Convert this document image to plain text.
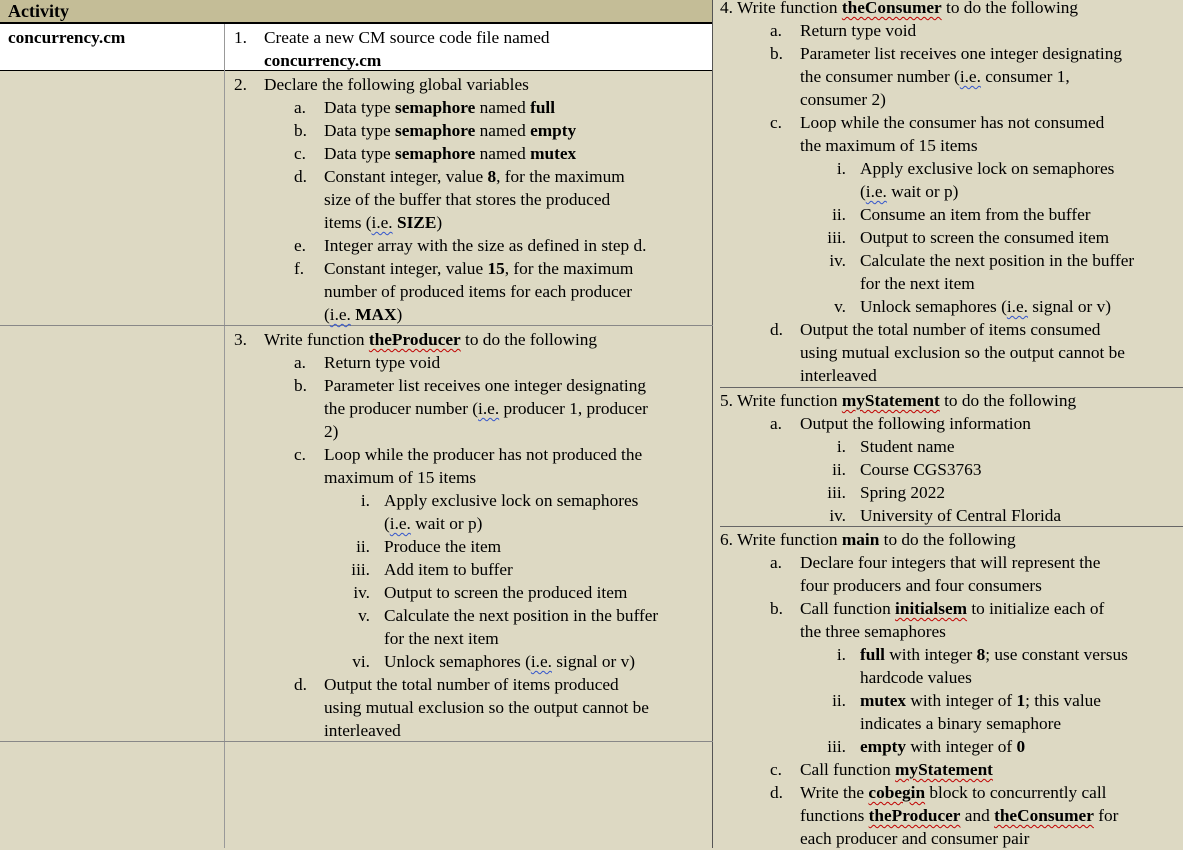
Activity
concurrency.cm	1. Create a new CM source code file named
concurrency.cm
2. Declare the following global variables
a. Data type semaphore named full
b. Data type semaphore named empty
c. Data type semaphore named mutex
d. Constant integer, value 8, for the maximum
size of the buffer that stores the produced
items (i.e. SIZE)
e. Integer array with the size as defined in step d.
f. Constant integer, value 15, for the maximum
number of produced items for each producer
(i.e. MAX)
3. Write function theProducer to do the following
a. Return type void
b. Parameter list receives one integer designating
the producer number (i.e. producer 1, producer
2)
c. Loop while the producer has not produced the
maximum of 15 items
i. Apply exclusive lock on semaphores
(i.e. wait or p)
ii. Produce the item
iii. Add item to buffer
iv. Output to screen the produced item
v. Calculate the next position in the buffer
for the next item
vi. Unlock semaphores (i.e. signal or v)
d. Output the total number of items produced
using mutual exclusion so the output cannot be
interleaved
4. Write function theConsumer to do the following
a. Return type void
b. Parameter list receives one integer designating
the consumer number (i.e. consumer 1,
consumer 2)
c. Loop while the consumer has not consumed
the maximum of 15 items
i. Apply exclusive lock on semaphores
(i.e. wait or p)
ii. Consume an item from the buffer
iii. Output to screen the consumed item
iv. Calculate the next position in the buffer
for the next item
v. Unlock semaphores (i.e. signal or v)
d. Output the total number of items consumed
using mutual exclusion so the output cannot be
interleaved
5. Write function myStatement to do the following
a. Output the following information
i. Student name
ii. Course CGS3763
iii. Spring 2022
iv. University of Central Florida
6. Write function main to do the following
a. Declare four integers that will represent the
four producers and four consumers
b. Call function initialsem to initialize each of
the three semaphores
i. full with integer 8; use constant versus
hardcode values
ii. mutex with integer of 1; this value
indicates a binary semaphore
iii. empty with integer of 0
c. Call function myStatement
d. Write the cobegin block to concurrently call
functions theProducer and theConsumer for
each producer and consumer pair
